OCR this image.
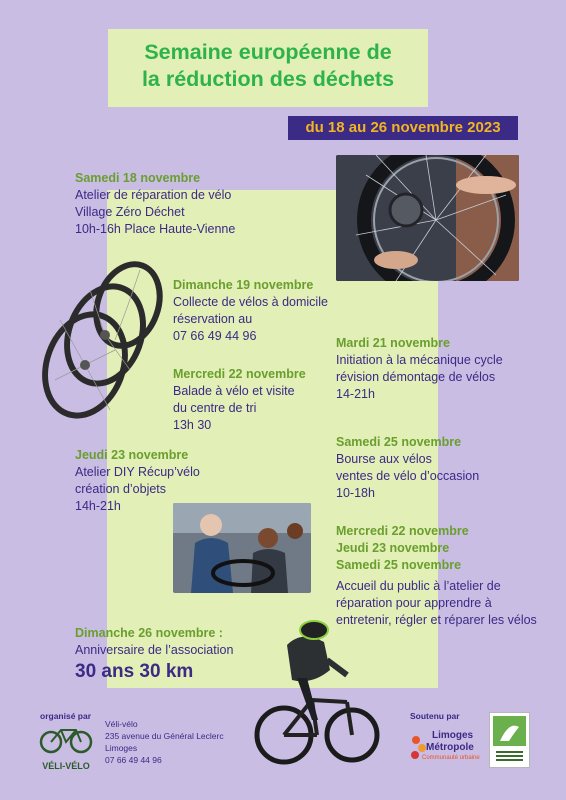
Semaine européenne de
la réduction des déchets
du 18 au 26 novembre 2023
Samedi 18 novembre
Atelier de réparation de vélo
Village Zéro Déchet
10h-16h Place Haute-Vienne
Dimanche 19 novembre
Collecte de vélos à domicile
réservation au
07 66 49 44 96	Mardi 21 novembre
Initiation à la mécanique cycle
révision démontage de vélos
14-21h
Mercredi 22 novembre
Balade à vélo et visite
du centre de tri
13h 30
Samedi 25 novembre
Bourse aux vélos
ventes de vélo d’occasion
10-18h
Jeudi 23 novembre
Atelier DIY Récup’vélo
création d’objets
14h-21h
Mercredi 22 novembre
Jeudi 23 novembre
Samedi 25 novembre
Accueil du public à l’atelier de
réparation pour apprendre à
entretenir, régler et réparer les vélos
Dimanche 26 novembre :
Anniversaire de l’association
30 ans 30 km
organisé par
VÉLI-VÉLO
Véli-vélo
235 avenue du Général Leclerc
Limoges
07 66 49 44 96
Soutenu par
Limoges
Métropole
Communauté urbaine
